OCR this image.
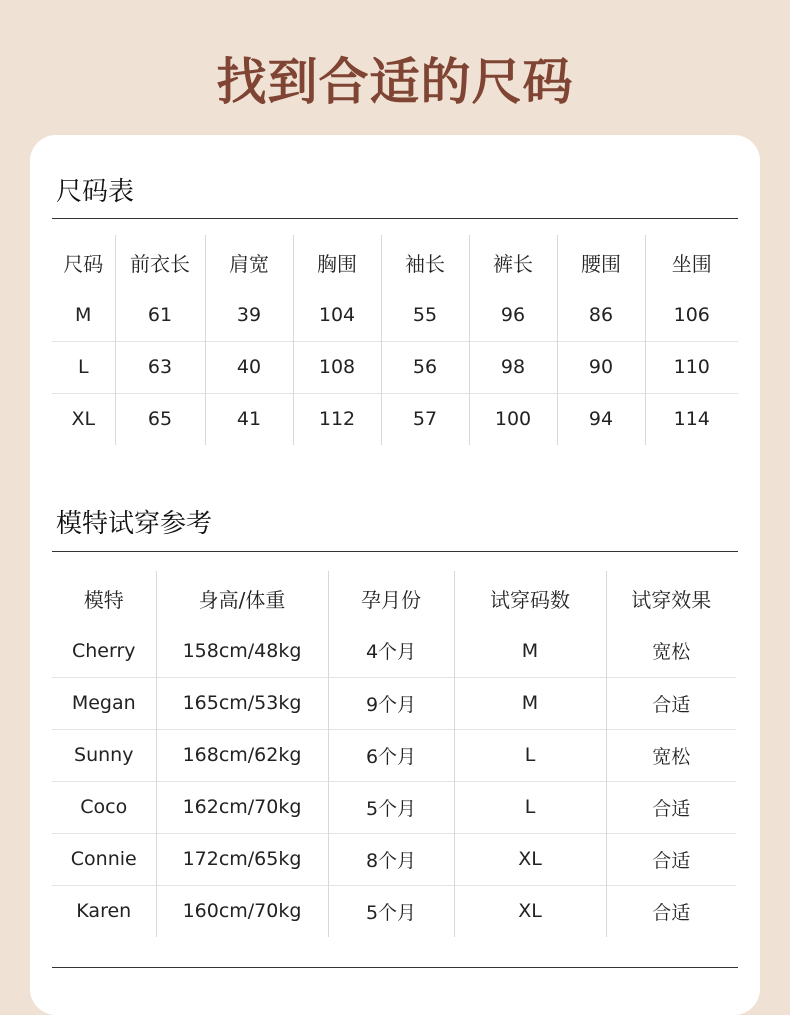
找到合适的尺码
尺码表
尺码	前衣长	肩宽	胸围	袖长	裤长	腰围	坐围
M	61	39	104	55	96	86	106
L	63	40	108	56	98	90	110
XL	65	41	112	57	100	94	114
模特试穿参考
模特	身高/体重	孕月份	试穿码数	试穿效果
Cherry	158cm/48kg	4个月	M	宽松
Megan	165cm/53kg	9个月	M	合适
Sunny	168cm/62kg	6个月	L	宽松
Coco	162cm/70kg	5个月	L	合适
Connie	172cm/65kg	8个月	XL	合适
Karen	160cm/70kg	5个月	XL	合适
